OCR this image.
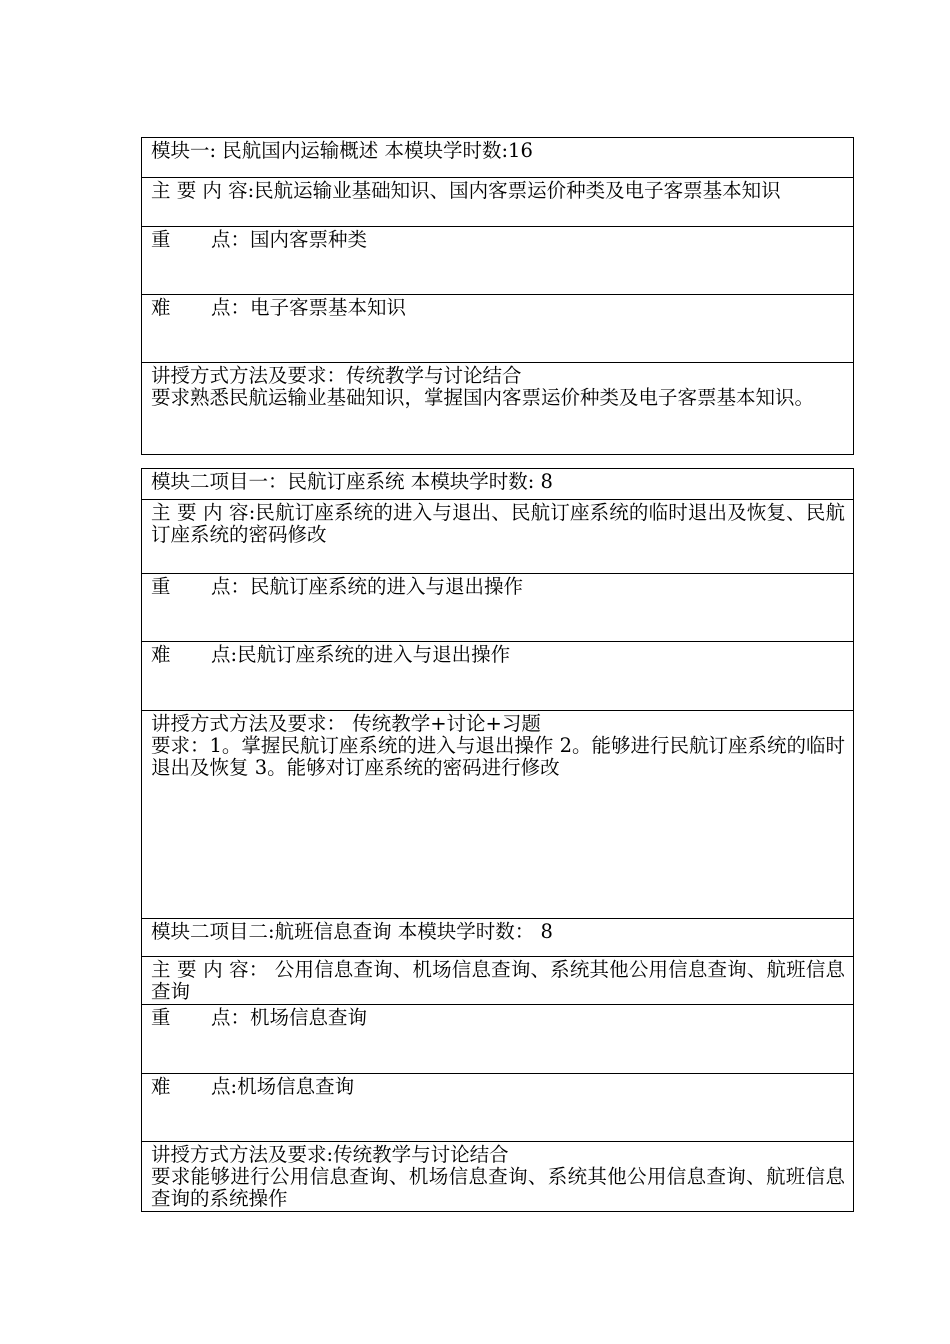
模块一: 民航国内运输概述 本模块学时数:16
主 要 内 容:民航运输业基础知识、国内客票运价种类及电子客票基本知识
重 点：国内客票种类
难 点：电子客票基本知识
讲授方式方法及要求：传统教学与讨论结合
要求熟悉民航运输业基础知识，掌握国内客票运价种类及电子客票基本知识。
模块二项目一：民航订座系统 本模块学时数: 8
主 要 内 容:民航订座系统的进入与退出、民航订座系统的临时退出及恢复、民航订座系统的密码修改
重 点：民航订座系统的进入与退出操作
难 点:民航订座系统的进入与退出操作
讲授方式方法及要求： 传统教学+讨论+习题
要求：1。掌握民航订座系统的进入与退出操作 2。能够进行民航订座系统的临时退出及恢复 3。能够对订座系统的密码进行修改
模块二项目二:航班信息查询 本模块学时数： 8
主 要 内 容： 公用信息查询、机场信息查询、系统其他公用信息查询、航班信息查询
重 点：机场信息查询
难 点:机场信息查询
讲授方式方法及要求:传统教学与讨论结合
要求能够进行公用信息查询、机场信息查询、系统其他公用信息查询、航班信息查询的系统操作
